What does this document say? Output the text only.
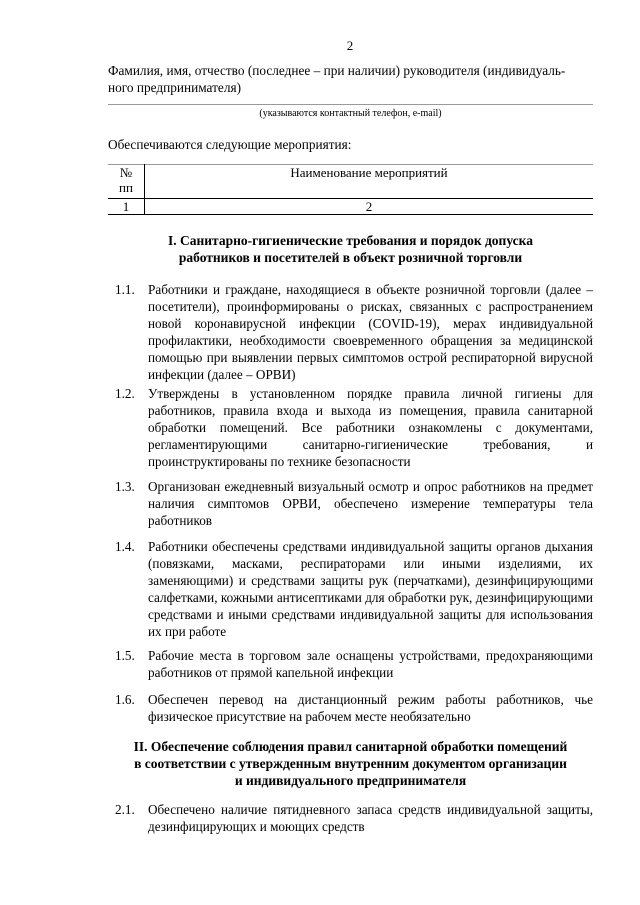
2
Фамилия, имя, отчество (последнее – при наличии) руководителя (индивидуаль-
ного предпринимателя)
(указываются контактный телефон, e-mail)
Обеспечиваются следующие мероприятия:
№
пп	Наименование мероприятий
1	2
I. Санитарно-гигиенические требования и порядок допуска
работников и посетителей в объект розничной торговли
1.1. Работники и граждане, находящиеся в объекте розничной торговли (далее – посетители), проинформированы о рисках, связанных с распространением новой коронавирусной инфекции (COVID-19), мерах индивидуальной профилактики, необходимости своевременного обращения за медицинской помощью при выявлении первых симптомов острой респираторной вирусной инфекции (далее – ОРВИ)
1.2. Утверждены в установленном порядке правила личной гигиены для работников, правила входа и выхода из помещения, правила санитарной обработки помещений. Все работники ознакомлены с документами, регламентирующими санитарно-гигиенические требования, и проинструктированы по технике безопасности
1.3. Организован ежедневный визуальный осмотр и опрос работников на предмет наличия симптомов ОРВИ, обеспечено измерение температуры тела работников
1.4. Работники обеспечены средствами индивидуальной защиты органов дыхания (повязками, масками, респираторами или иными изделиями, их заменяющими) и средствами защиты рук (перчатками), дезинфицирующими салфетками, кожными антисептиками для обработки рук, дезинфицирующими средствами и иными средствами индивидуальной защиты для использования их при работе
1.5. Рабочие места в торговом зале оснащены устройствами, предохраняющими работников от прямой капельной инфекции
1.6. Обеспечен перевод на дистанционный режим работы работников, чье физическое присутствие на рабочем месте необязательно
II. Обеспечение соблюдения правил санитарной обработки помещений
в соответствии с утвержденным внутренним документом организации
и индивидуального предпринимателя
2.1. Обеспечено наличие пятидневного запаса средств индивидуальной защиты, дезинфицирующих и моющих средств
